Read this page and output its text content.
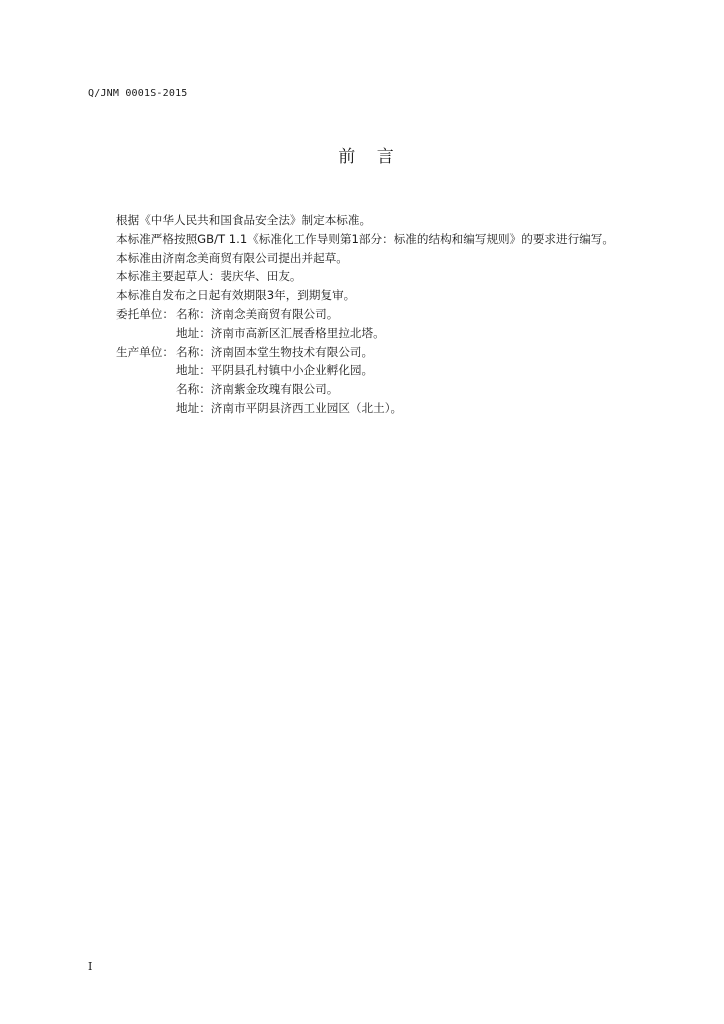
Q/JNM 0001S-2015
前 言
根据《中华人民共和国食品安全法》制定本标准。
本标准严格按照GB/T 1.1《标准化工作导则第1部分：标准的结构和编写规则》的要求进行编写。
本标准由济南念美商贸有限公司提出并起草。
本标准主要起草人：裴庆华、田友。
本标准自发布之日起有效期限3年，到期复审。
委托单位： 名称：济南念美商贸有限公司。
地址：济南市高新区汇展香格里拉北塔。
生产单位： 名称：济南固本堂生物技术有限公司。
地址：平阴县孔村镇中小企业孵化园。
名称：济南紫金玫瑰有限公司。
地址：济南市平阴县济西工业园区（北土）。
I
